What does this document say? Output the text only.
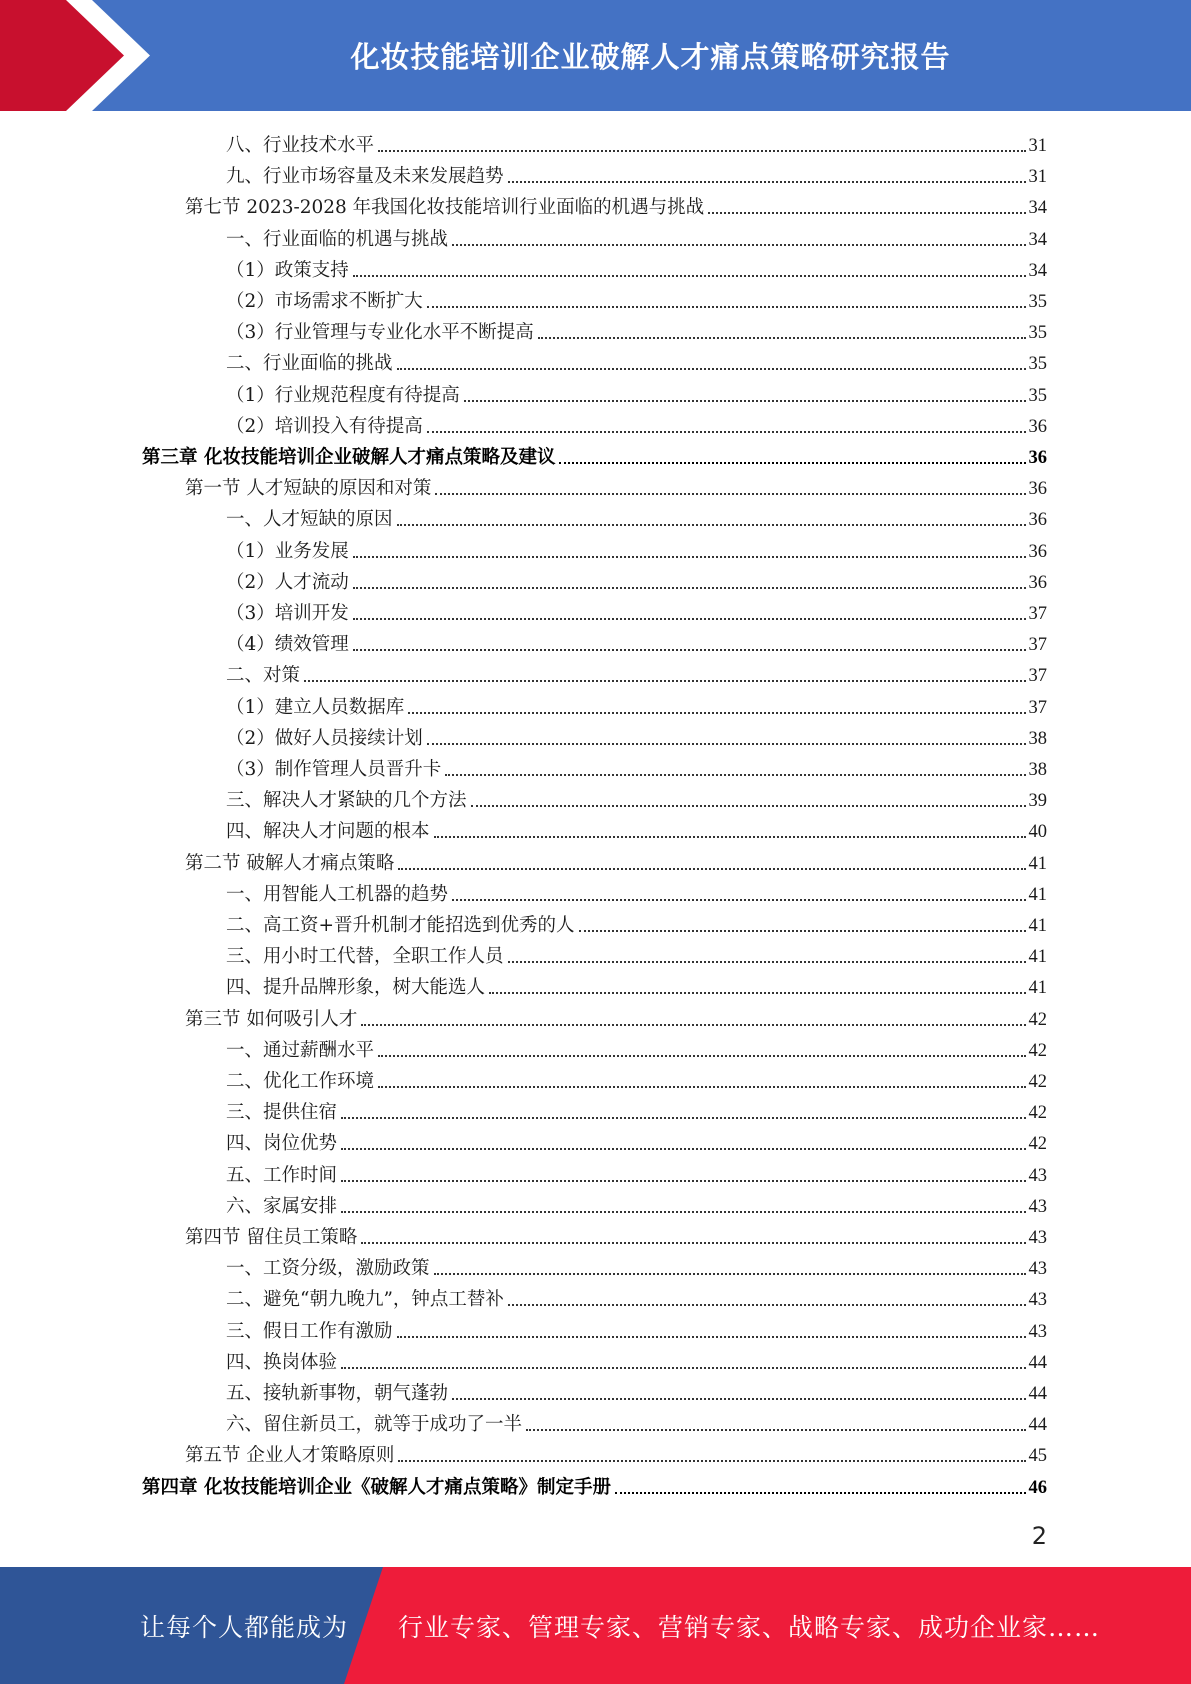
化妆技能培训企业破解人才痛点策略研究报告
八、行业技术水平	31
九、行业市场容量及未来发展趋势	31
第七节 2023-2028 年我国化妆技能培训行业面临的机遇与挑战	34
一、行业面临的机遇与挑战	34
（1）政策支持	34
（2）市场需求不断扩大	35
（3）行业管理与专业化水平不断提高	35
二、行业面临的挑战	35
（1）行业规范程度有待提高	35
（2）培训投入有待提高	36
第三章 化妆技能培训企业破解人才痛点策略及建议	36
第一节 人才短缺的原因和对策	36
一、人才短缺的原因	36
（1）业务发展	36
（2）人才流动	36
（3）培训开发	37
（4）绩效管理	37
二、对策	37
（1）建立人员数据库	37
（2）做好人员接续计划	38
（3）制作管理人员晋升卡	38
三、解决人才紧缺的几个方法	39
四、解决人才问题的根本	40
第二节 破解人才痛点策略	41
一、用智能人工机器的趋势	41
二、高工资+晋升机制才能招选到优秀的人	41
三、用小时工代替，全职工作人员	41
四、提升品牌形象，树大能选人	41
第三节 如何吸引人才	42
一、通过薪酬水平	42
二、优化工作环境	42
三、提供住宿	42
四、岗位优势	42
五、工作时间	43
六、家属安排	43
第四节 留住员工策略	43
一、工资分级，激励政策	43
二、避免“朝九晚九”，钟点工替补	43
三、假日工作有激励	43
四、换岗体验	44
五、接轨新事物，朝气蓬勃	44
六、留住新员工，就等于成功了一半	44
第五节 企业人才策略原则	45
第四章 化妆技能培训企业《破解人才痛点策略》制定手册	46
2
让每个人都能成为 行业专家、管理专家、营销专家、战略专家、成功企业家……
